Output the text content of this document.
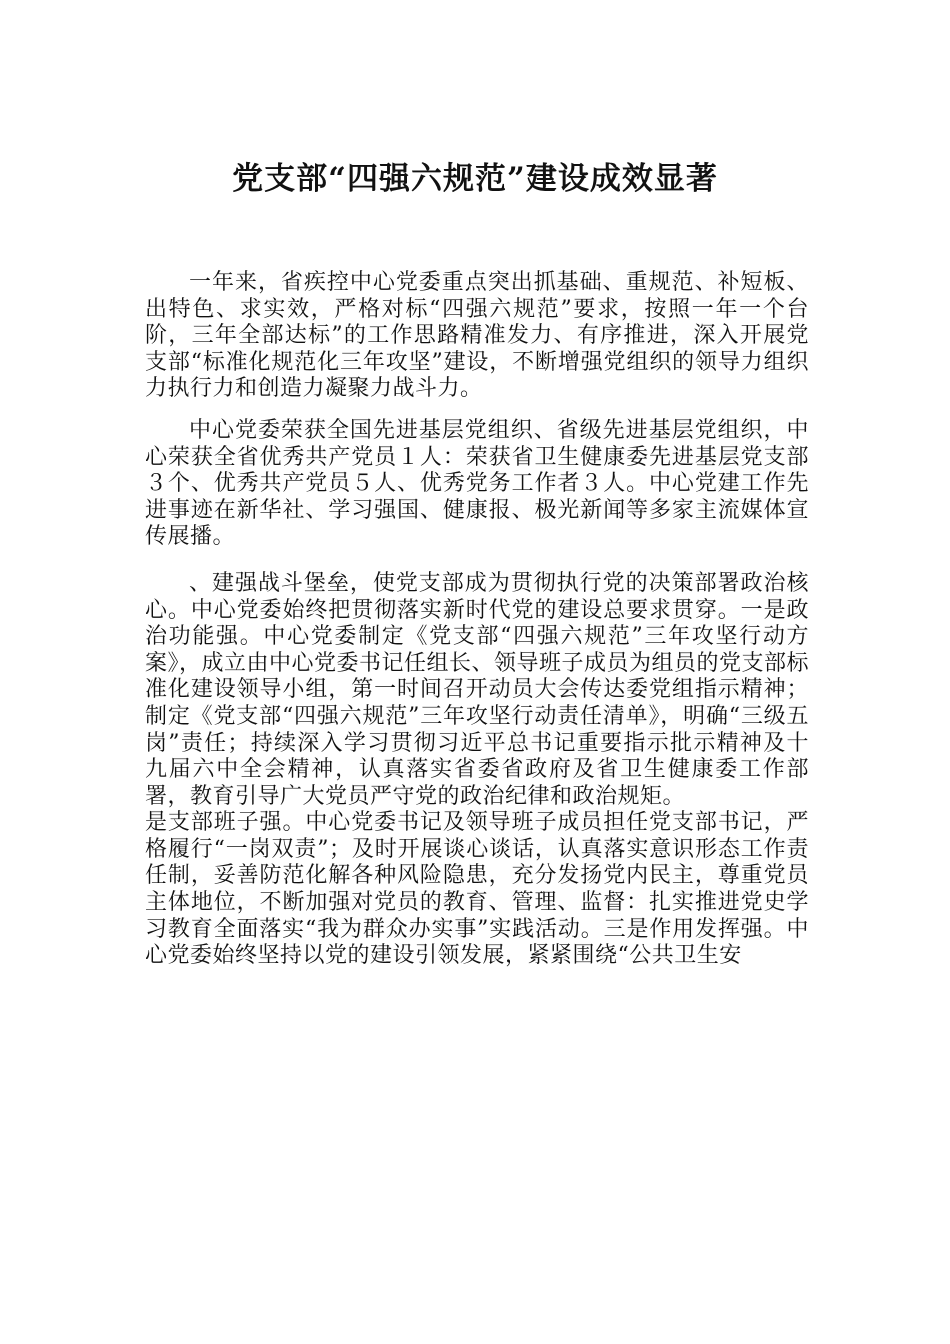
党支部“四强六规范”建设成效显著

一年来，省疾控中心党委重点突出抓基础、重规范、补短板、出特色、求实效，严格对标“四强六规范”要求，按照一年一个台阶，三年全部达标”的工作思路精准发力、有序推进，深入开展党支部“标准化规范化三年攻坚”建设，不断增强党组织的领导力组织力执行力和创造力凝聚力战斗力。

中心党委荣获全国先进基层党组织、省级先进基层党组织，中心荣获全省优秀共产党员１人：荣获省卫生健康委先进基层党支部３个、优秀共产党员５人、优秀党务工作者３人。中心党建工作先进事迹在新华社、学习强国、健康报、极光新闻等多家主流媒体宣传展播。

、建强战斗堡垒，使党支部成为贯彻执行党的决策部署政治核心。中心党委始终把贯彻落实新时代党的建设总要求贯穿。一是政治功能强。中心党委制定《党支部“四强六规范”三年攻坚行动方案》，成立由中心党委书记任组长、领导班子成员为组员的党支部标准化建设领导小组，第一时间召开动员大会传达委党组指示精神；制定《党支部“四强六规范”三年攻坚行动责任清单》，明确“三级五岗”责任；持续深入学习贯彻习近平总书记重要指示批示精神及十九届六中全会精神，认真落实省委省政府及省卫生健康委工作部署，教育引导广大党员严守党的政治纪律和政治规矩。

是支部班子强。中心党委书记及领导班子成员担任党支部书记，严格履行“一岗双责”；及时开展谈心谈话，认真落实意识形态工作责任制，妥善防范化解各种风险隐患，充分发扬党内民主，尊重党员主体地位，不断加强对党员的教育、管理、监督：扎实推进党史学习教育全面落实“我为群众办实事”实践活动。三是作用发挥强。中心党委始终坚持以党的建设引领发展，紧紧围绕“公共卫生安
